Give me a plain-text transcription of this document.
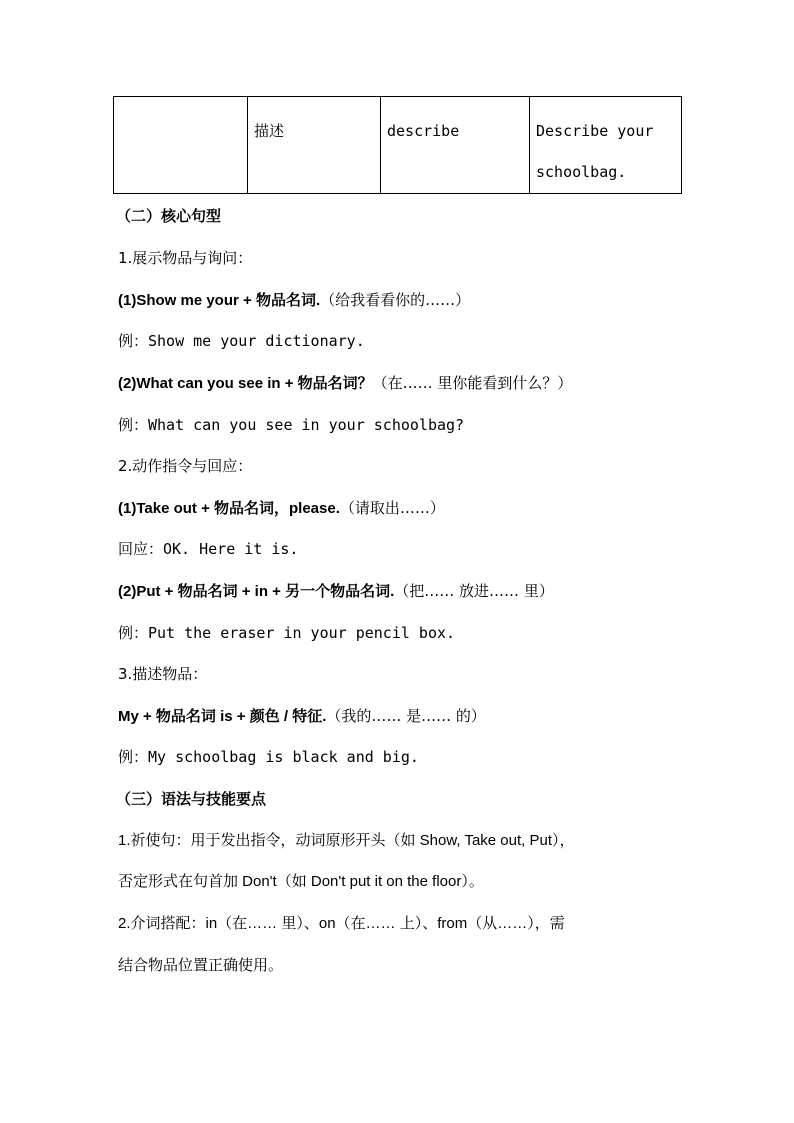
	描述	describe	Describe your schoolbag.
（二）核心句型
1.展示物品与询问：
(1)Show me your + 物品名词.（给我看看你的……）
例：Show me your dictionary.
(2)What can you see in + 物品名词？（在…… 里你能看到什么？）
例：What can you see in your schoolbag?
2.动作指令与回应：
(1)Take out + 物品名词，please.（请取出……）
回应：OK. Here it is.
(2)Put + 物品名词 + in + 另一个物品名词.（把…… 放进…… 里）
例：Put the eraser in your pencil box.
3.描述物品：
My + 物品名词 is + 颜色 / 特征.（我的…… 是…… 的）
例：My schoolbag is black and big.
（三）语法与技能要点
1.祈使句：用于发出指令，动词原形开头（如 Show, Take out, Put），
否定形式在句首加 Don't（如 Don't put it on the floor）。
2.介词搭配：in（在…… 里）、on（在…… 上）、from（从……），需
结合物品位置正确使用。
